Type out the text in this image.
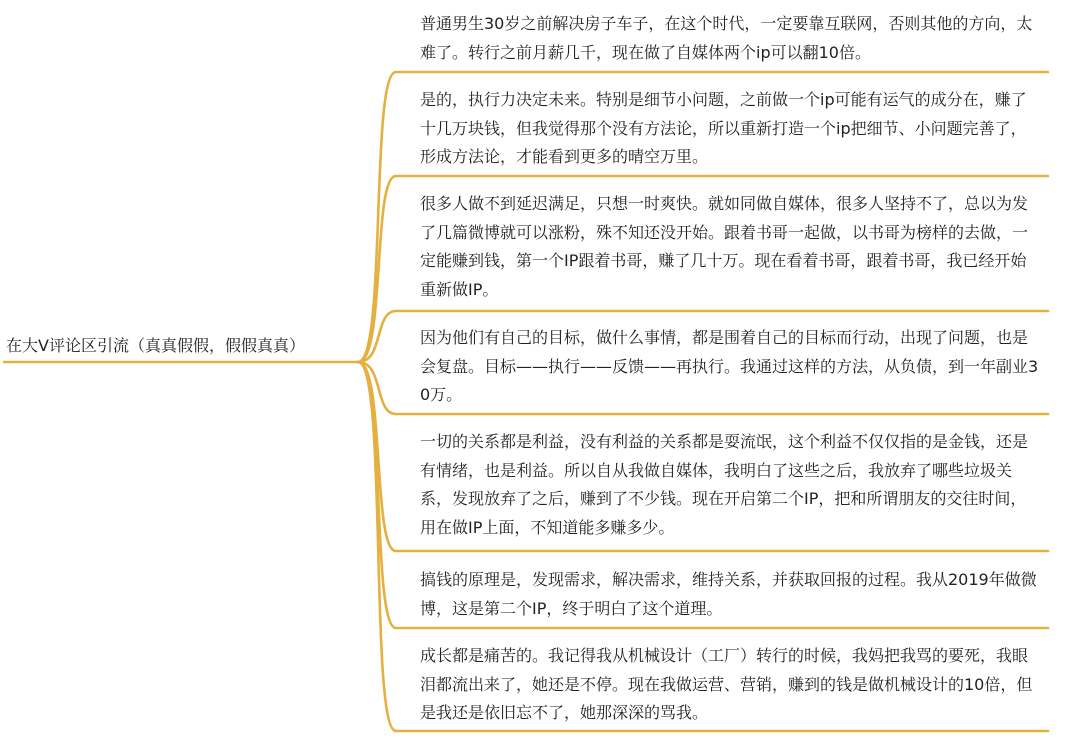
在大V评论区引流（真真假假，假假真真）
普通男生30岁之前解决房子车子，在这个时代，一定要靠互联网，否则其他的方向，太难了。转行之前月薪几千，现在做了自媒体两个ip可以翻10倍。
是的，执行力决定未来。特别是细节小问题，之前做一个ip可能有运气的成分在，赚了十几万块钱，但我觉得那个没有方法论，所以重新打造一个ip把细节、小问题完善了，形成方法论，才能看到更多的晴空万里。
很多人做不到延迟满足，只想一时爽快。就如同做自媒体，很多人坚持不了，总以为发了几篇微博就可以涨粉，殊不知还没开始。跟着书哥一起做，以书哥为榜样的去做，一定能赚到钱，第一个IP跟着书哥，赚了几十万。现在看着书哥，跟着书哥，我已经开始重新做IP。
因为他们有自己的目标，做什么事情，都是围着自己的目标而行动，出现了问题，也是会复盘。目标——执行——反馈——再执行。我通过这样的方法，从负债，到一年副业30万。
一切的关系都是利益，没有利益的关系都是耍流氓，这个利益不仅仅指的是金钱，还是有情绪，也是利益。所以自从我做自媒体，我明白了这些之后，我放弃了哪些垃圾关系，发现放弃了之后，赚到了不少钱。现在开启第二个IP，把和所谓朋友的交往时间，用在做IP上面，不知道能多赚多少。
搞钱的原理是，发现需求，解决需求，维持关系，并获取回报的过程。我从2019年做微博，这是第二个IP，终于明白了这个道理。
成长都是痛苦的。我记得我从机械设计（工厂）转行的时候，我妈把我骂的要死，我眼泪都流出来了，她还是不停。现在我做运营、营销，赚到的钱是做机械设计的10倍，但是我还是依旧忘不了，她那深深的骂我。
